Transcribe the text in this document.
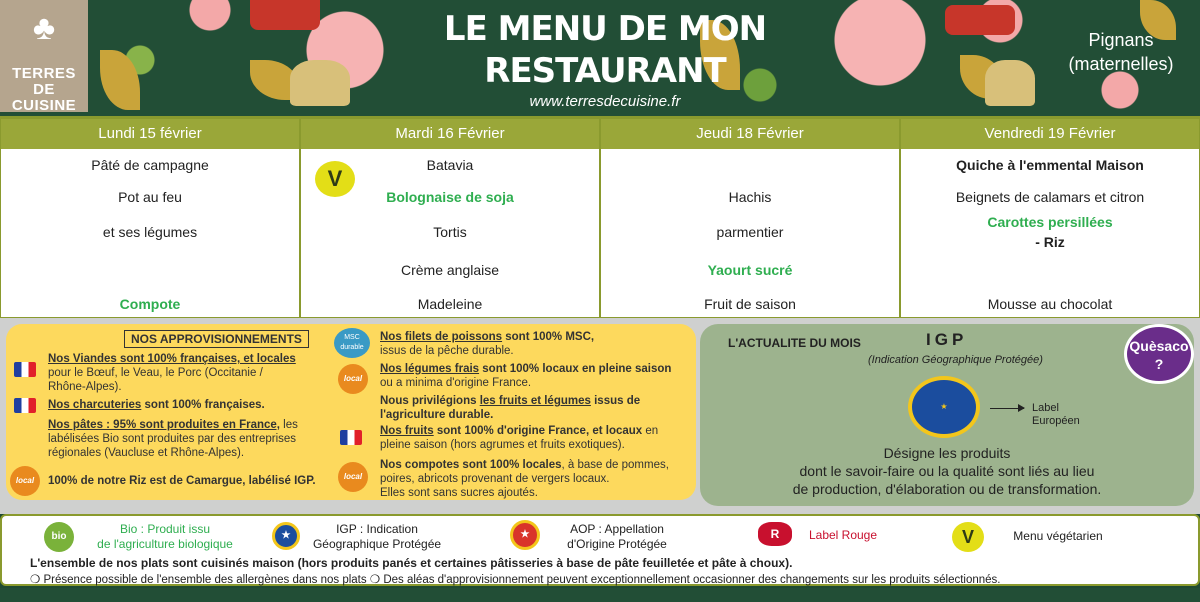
♣
TERRES DE CUISINE
LE MENU DE MON
RESTAURANT
www.terresdecuisine.fr
Pignans (maternelles)
Lundi 15 février
Pâté de campagne
Pot au feu
et ses légumes
Compote
Mardi 16 Février
V
Batavia
Bolognaise de soja
Tortis
Crème anglaise
Madeleine
Jeudi 18 Février
Hachis
parmentier
Yaourt sucré
Fruit de saison
Vendredi 19 Février
Quiche à l'emmental Maison
Beignets de calamars et citron
Carottes persillées
- Riz
Mousse au chocolat
NOS APPROVISIONNEMENTS
Nos Viandes sont 100% françaises, et locales
pour le Bœuf, le Veau, le Porc (Occitanie /
Rhône-Alpes).
Nos charcuteries sont 100% françaises.
Nos pâtes : 95% sont produites en France, les
labélisées Bio sont produites par des entreprises
régionales (Vaucluse et Rhône-Alpes).
local	100% de notre Riz est de Camargue, labélisé IGP.
MSC durable
Nos filets de poissons sont 100% MSC,
issus de la pêche durable.
local
Nos légumes frais sont 100% locaux en pleine saison
ou a minima d'origine France.
Nous privilégions les fruits et légumes issus de
l'agriculture durable.
Nos fruits sont 100% d'origine France, et locaux en
pleine saison (hors agrumes et fruits exotiques).
local
Nos compotes sont 100% locales, à base de pommes,
poires, abricots provenant de vergers locaux.
Elles sont sans sucres ajoutés.
L'ACTUALITE DU MOIS	IGP
(Indication Géographique Protégée)
★	Label
Européen
Désigne les produits
dont le savoir-faire ou la qualité sont liés au lieu
de production, d'élaboration ou de transformation.
Quèsaco
?
bio
Bio : Produit issu
de l'agriculture biologique
★	IGP : Indication
Géographique Protégée
★	AOP : Appellation
d'Origine Protégée
R	Label Rouge	V	Menu végétarien
L'ensemble de nos plats sont cuisinés maison (hors produits panés et certaines pâtisseries à base de pâte feuilletée et pâte à choux).
❍ Présence possible de l'ensemble des allergènes dans nos plats ❍ Des aléas d'approvisionnement peuvent exceptionnellement occasionner des changements sur les produits sélectionnés.
